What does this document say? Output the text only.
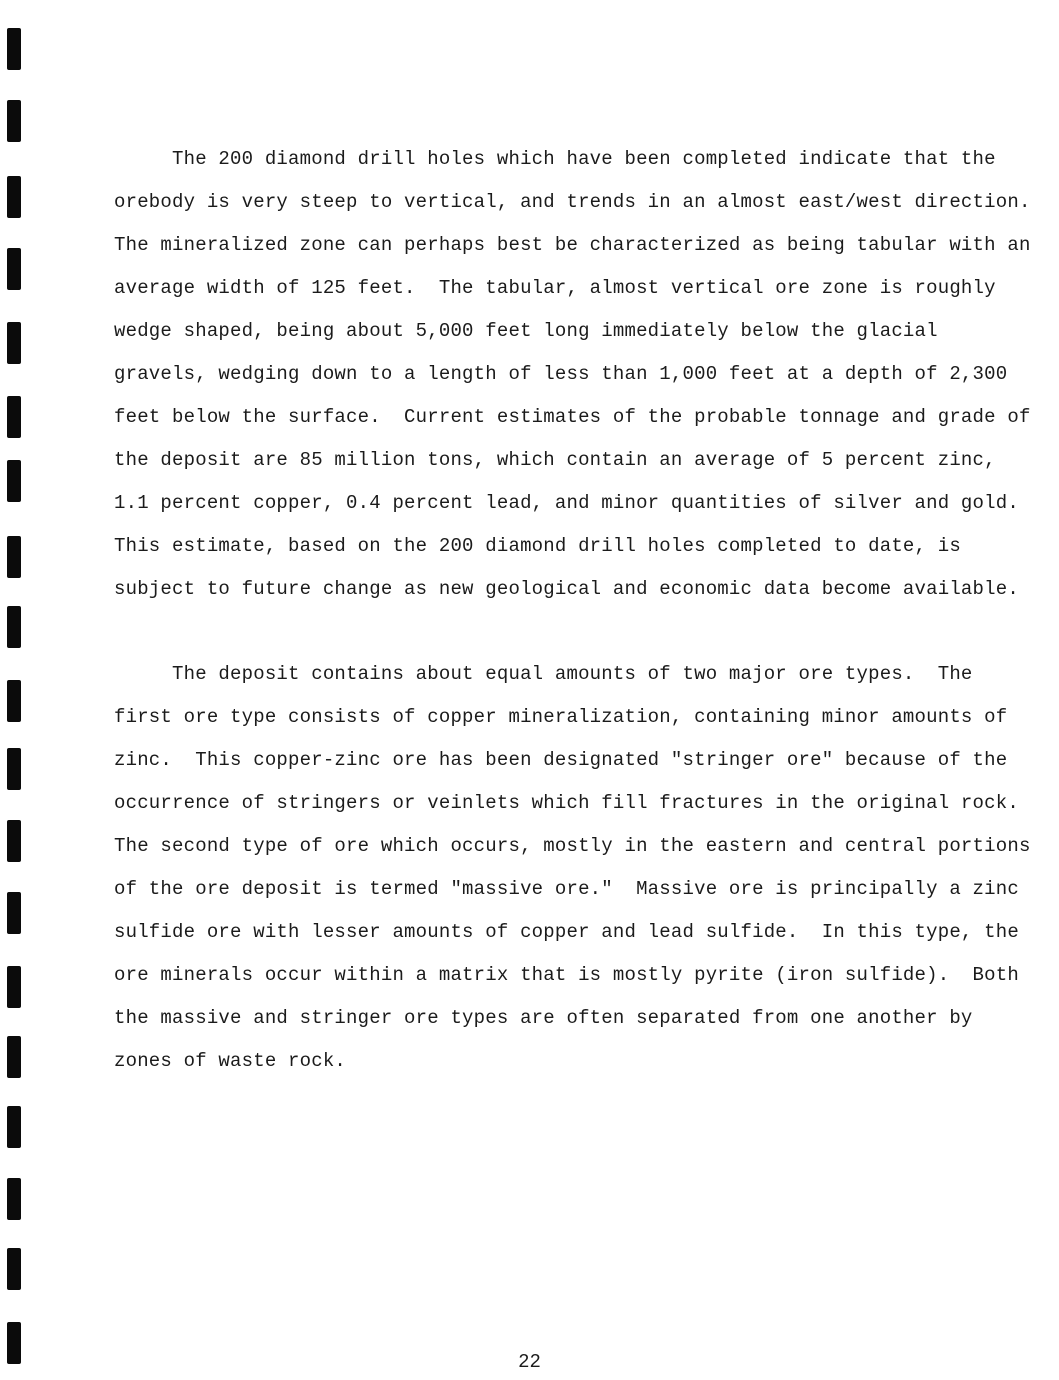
The 200 diamond drill holes which have been completed indicate that the
orebody is very steep to vertical, and trends in an almost east/west direction.
The mineralized zone can perhaps best be characterized as being tabular with an
average width of 125 feet.  The tabular, almost vertical ore zone is roughly
wedge shaped, being about 5,000 feet long immediately below the glacial
gravels, wedging down to a length of less than 1,000 feet at a depth of 2,300
feet below the surface.  Current estimates of the probable tonnage and grade of
the deposit are 85 million tons, which contain an average of 5 percent zinc,
1.1 percent copper, 0.4 percent lead, and minor quantities of silver and gold.
This estimate, based on the 200 diamond drill holes completed to date, is
subject to future change as new geological and economic data become available.

The deposit contains about equal amounts of two major ore types.  The
first ore type consists of copper mineralization, containing minor amounts of
zinc.  This copper-zinc ore has been designated "stringer ore" because of the
occurrence of stringers or veinlets which fill fractures in the original rock.
The second type of ore which occurs, mostly in the eastern and central portions
of the ore deposit is termed "massive ore."  Massive ore is principally a zinc
sulfide ore with lesser amounts of copper and lead sulfide.  In this type, the
ore minerals occur within a matrix that is mostly pyrite (iron sulfide).  Both
the massive and stringer ore types are often separated from one another by
zones of waste rock.

22
